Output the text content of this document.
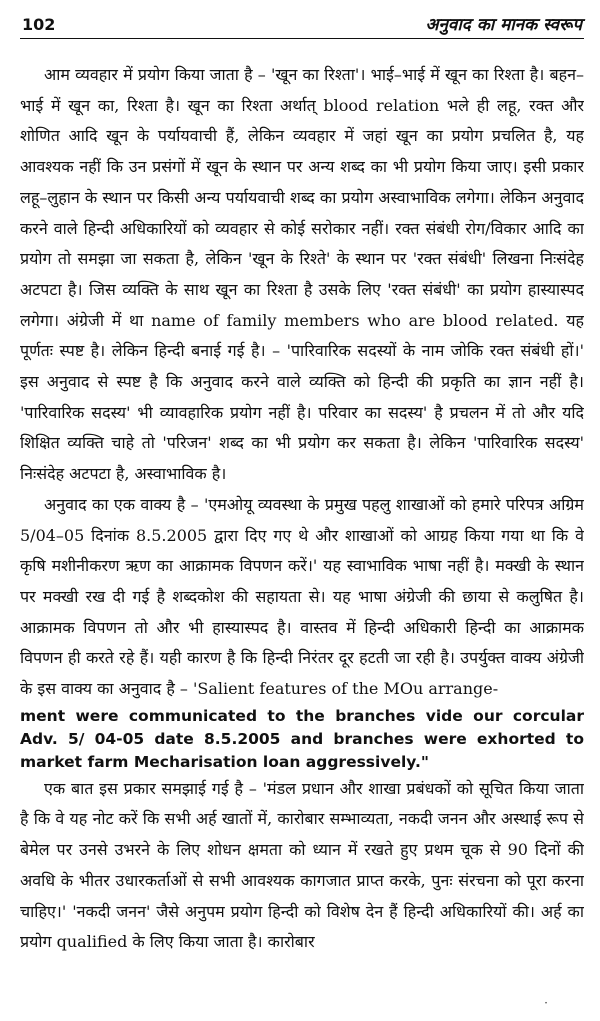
102	अनुवाद का मानक स्वरूप

आम व्यवहार में प्रयोग किया जाता है – 'खून का रिश्ता'। भाई–भाई में खून का रिश्ता है। बहन–भाई में खून का, रिश्ता है। खून का रिश्ता अर्थात् blood relation भले ही लहू, रक्त और शोणित आदि खून के पर्यायवाची हैं, लेकिन व्यवहार में जहां खून का प्रयोग प्रचलित है, यह आवश्यक नहीं कि उन प्रसंगों में खून के स्थान पर अन्य शब्द का भी प्रयोग किया जाए। इसी प्रकार लहू–लुहान के स्थान पर किसी अन्य पर्यायवाची शब्द का प्रयोग अस्वाभाविक लगेगा। लेकिन अनुवाद करने वाले हिन्दी अधिकारियों को व्यवहार से कोई सरोकार नहीं। रक्त संबंधी रोग/विकार आदि का प्रयोग तो समझा जा सकता है, लेकिन 'खून के रिश्ते' के स्थान पर 'रक्त संबंधी' लिखना निःसंदेह अटपटा है। जिस व्यक्ति के साथ खून का रिश्ता है उसके लिए 'रक्त संबंधी' का प्रयोग हास्यास्पद लगेगा। अंग्रेजी में था name of family members who are blood related. यह पूर्णतः स्पष्ट है। लेकिन हिन्दी बनाई गई है। – 'पारिवारिक सदस्यों के नाम जोकि रक्त संबंधी हों।' इस अनुवाद से स्पष्ट है कि अनुवाद करने वाले व्यक्ति को हिन्दी की प्रकृति का ज्ञान नहीं है। 'पारिवारिक सदस्य' भी व्यावहारिक प्रयोग नहीं है। परिवार का सदस्य' है प्रचलन में तो और यदि शिक्षित व्यक्ति चाहे तो 'परिजन' शब्द का भी प्रयोग कर सकता है। लेकिन 'पारिवारिक सदस्य' निःसंदेह अटपटा है, अस्वाभाविक है।

अनुवाद का एक वाक्य है – 'एमओयू व्यवस्था के प्रमुख पहलु शाखाओं को हमारे परिपत्र अग्रिम 5/04–05 दिनांक 8.5.2005 द्वारा दिए गए थे और शाखाओं को आग्रह किया गया था कि वे कृषि मशीनीकरण ऋण का आक्रामक विपणन करें।' यह स्वाभाविक भाषा नहीं है। मक्खी के स्थान पर मक्खी रख दी गई है शब्दकोश की सहायता से। यह भाषा अंग्रेजी की छाया से कलुषित है। आक्रामक विपणन तो और भी हास्यास्पद है। वास्तव में हिन्दी अधिकारी हिन्दी का आक्रामक विपणन ही करते रहे हैं। यही कारण है कि हिन्दी निरंतर दूर हटती जा रही है। उपर्युक्त वाक्य अंग्रेजी के इस वाक्य का अनुवाद है – 'Salient features of the MOu arrange-

ment were communicated to the branches vide our corcular Adv. 5/ 04-05 date 8.5.2005 and branches were exhorted to market farm Mecharisation loan aggressively."

एक बात इस प्रकार समझाई गई है – 'मंडल प्रधान और शाखा प्रबंधकों को सूचित किया जाता है कि वे यह नोट करें कि सभी अर्ह खातों में, कारोबार सम्भाव्यता, नकदी जनन और अस्थाई रूप से बेमेल पर उनसे उभरने के लिए शोधन क्षमता को ध्यान में रखते हुए प्रथम चूक से 90 दिनों की अवधि के भीतर उधारकर्ताओं से सभी आवश्यक कागजात प्राप्त करके, पुनः संरचना को पूरा करना चाहिए।' 'नकदी जनन' जैसे अनुपम प्रयोग हिन्दी को विशेष देन हैं हिन्दी अधिकारियों की। अर्ह का प्रयोग qualified के लिए किया जाता है। कारोबार

·
